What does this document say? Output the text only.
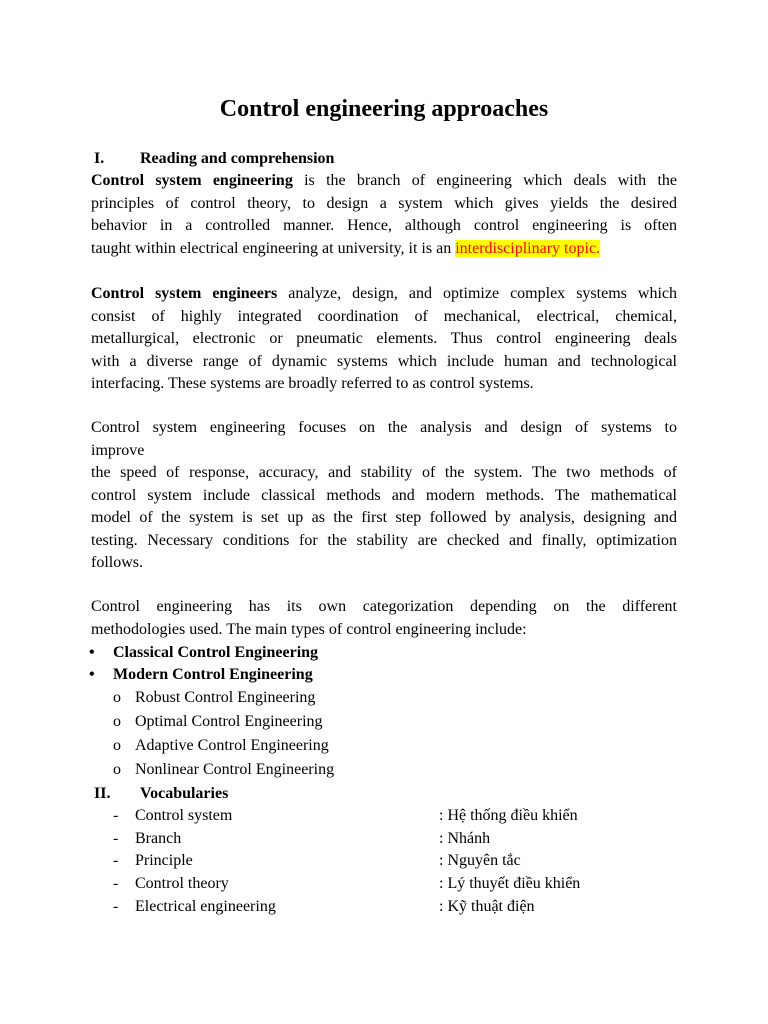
Control engineering approaches
I. Reading and comprehension

Control system engineering is the branch of engineering which deals with the

principles of control theory, to design a system which gives yields the desired

behavior in a controlled manner. Hence, although control engineering is often

taught within electrical engineering at university, it is an interdisciplinary topic.

Control system engineers analyze, design, and optimize complex systems which

consist of highly integrated coordination of mechanical, electrical, chemical,

metallurgical, electronic or pneumatic elements. Thus control engineering deals

with a diverse range of dynamic systems which include human and technological

interfacing. These systems are broadly referred to as control systems.

Control system engineering focuses on the analysis and design of systems to

improve

the speed of response, accuracy, and stability of the system. The two methods of

control system include classical methods and modern methods. The mathematical

model of the system is set up as the first step followed by analysis, designing and

testing. Necessary conditions for the stability are checked and finally, optimization

follows.

Control engineering has its own categorization depending on the different

methodologies used. The main types of control engineering include:

• Classical Control Engineering
• Modern Control Engineering
o Robust Control Engineering
o Optimal Control Engineering
o Adaptive Control Engineering
o Nonlinear Control Engineering
II. Vocabularies
- Control system	: Hệ thống điều khiển
- Branch	: Nhánh
- Principle	: Nguyên tắc
- Control theory	: Lý thuyết điều khiển
- Electrical engineering	: Kỹ thuật điện
